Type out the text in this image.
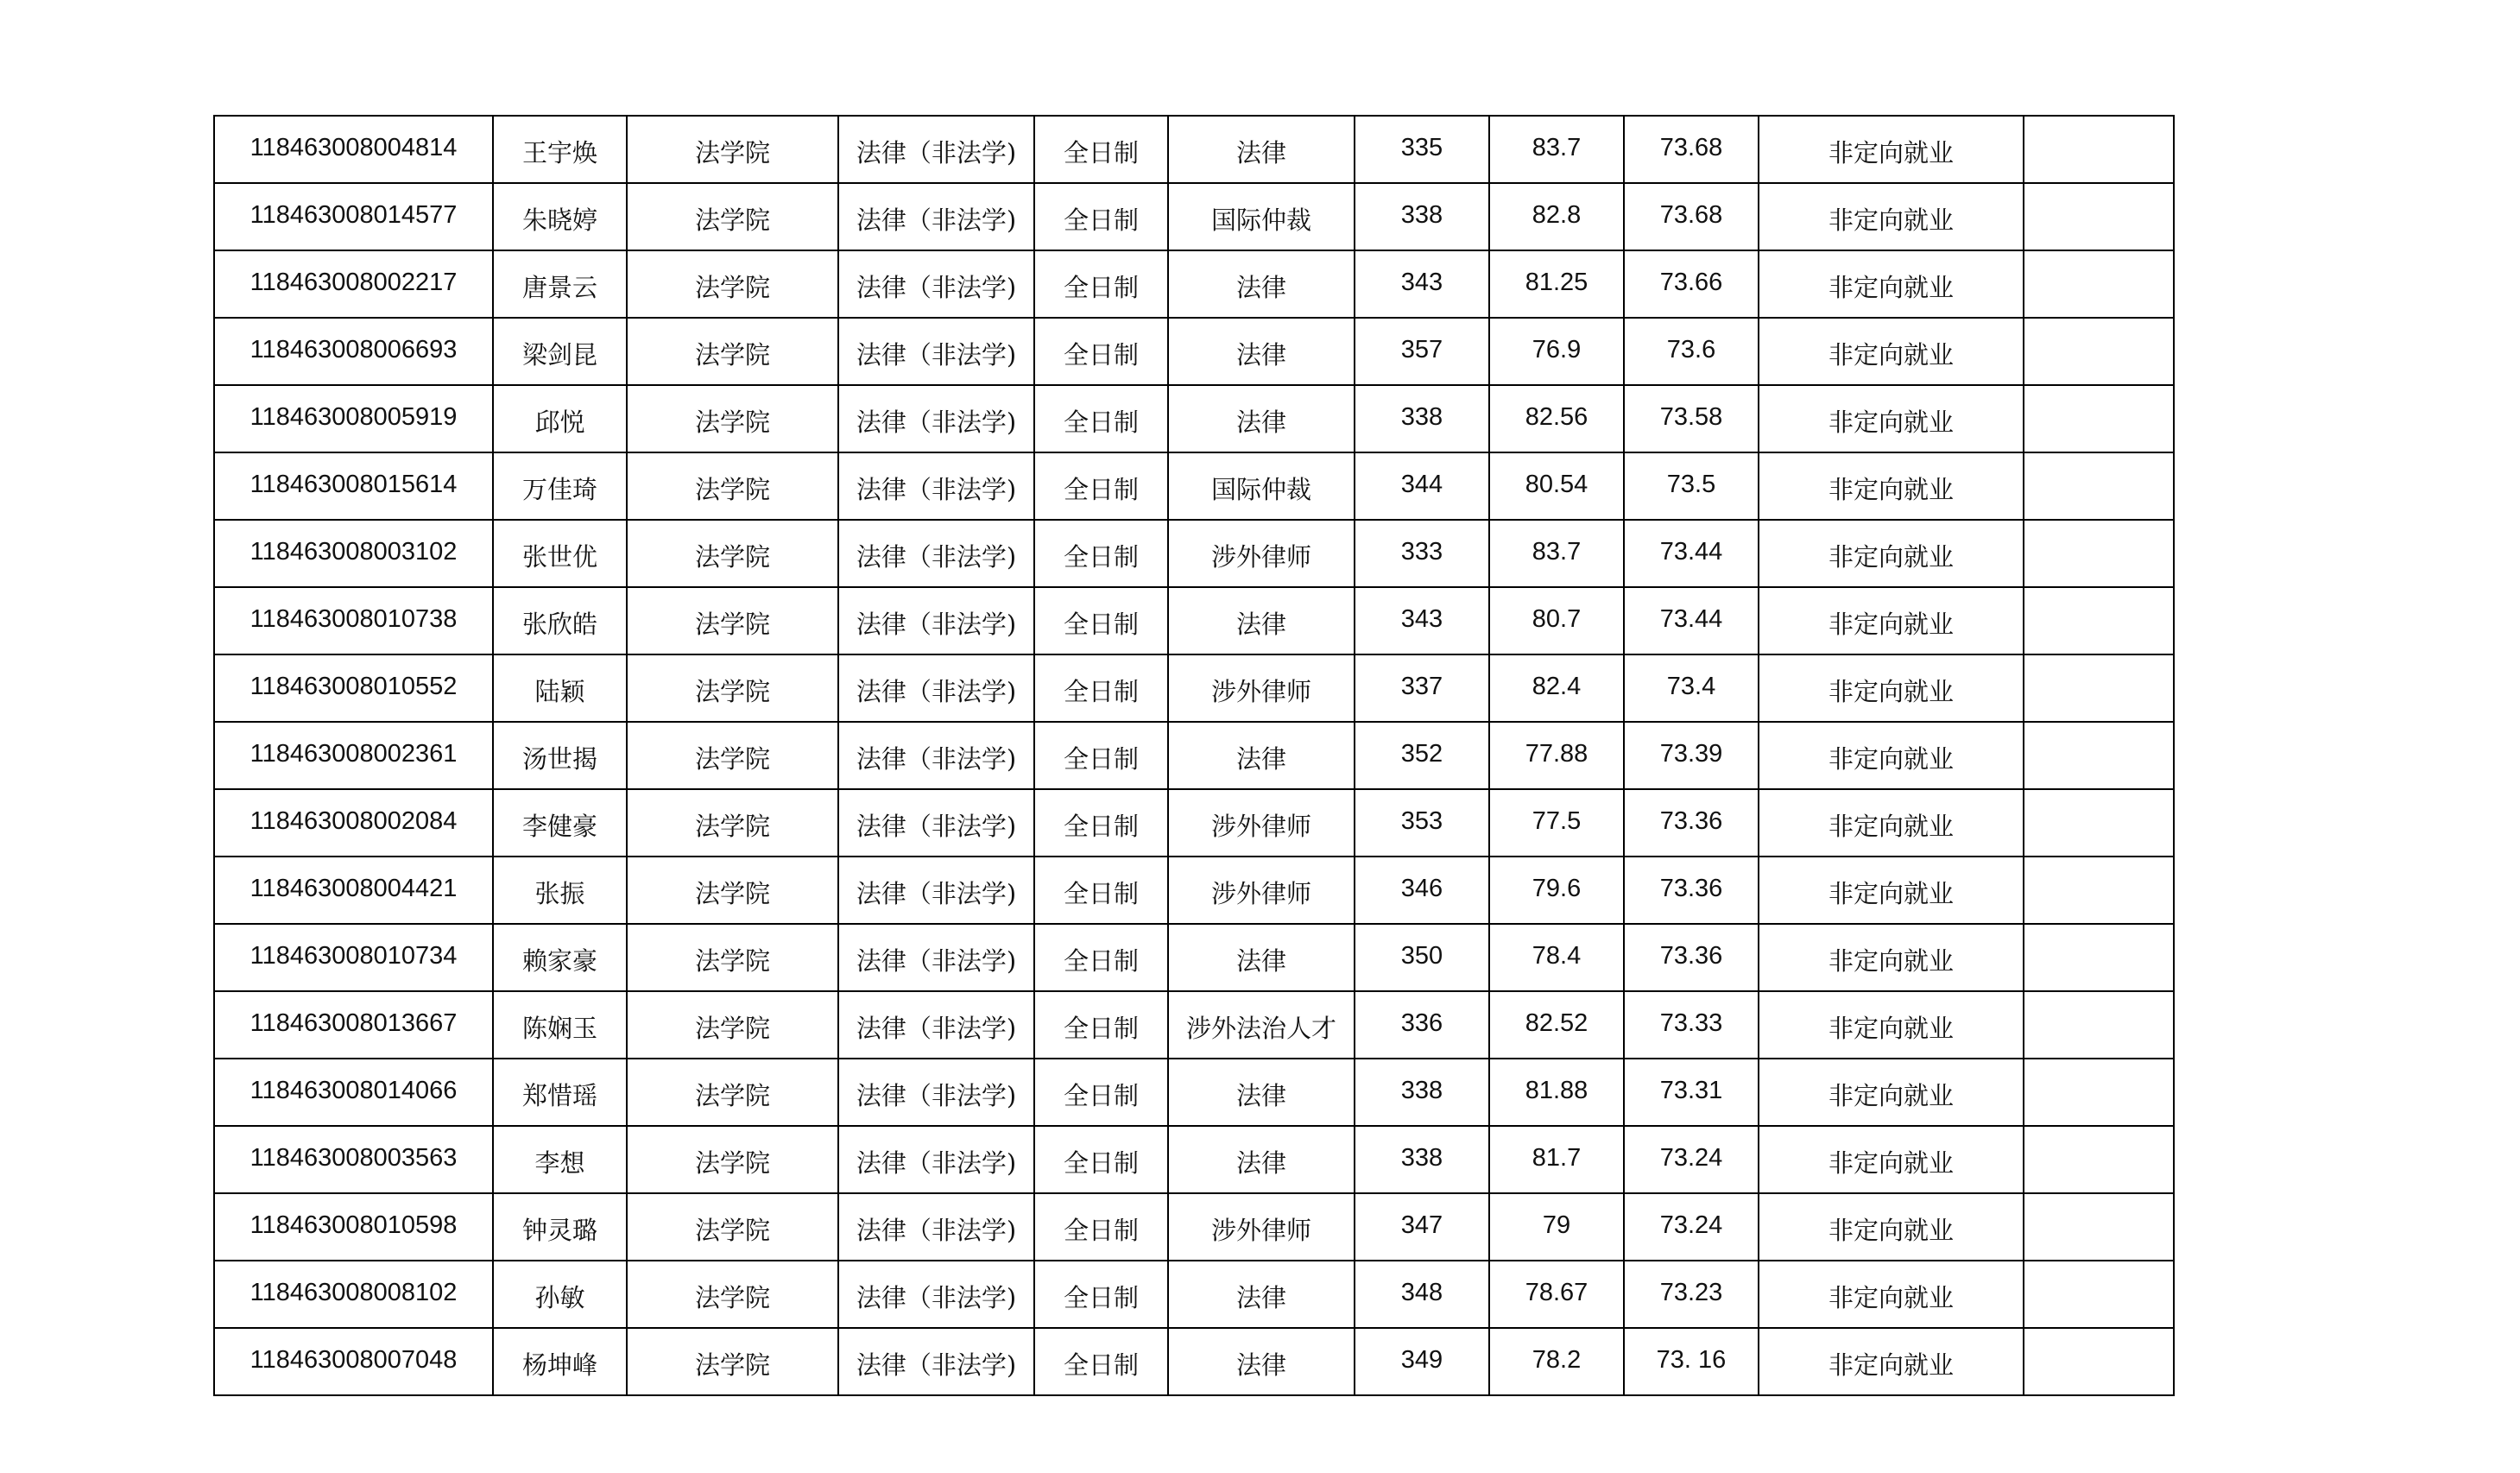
118463008004814	王宇焕	法学院	法律（非法学)	全日制	法律	335	83.7	73.68	非定向就业	
118463008014577	朱晓婷	法学院	法律（非法学)	全日制	国际仲裁	338	82.8	73.68	非定向就业	
118463008002217	唐景云	法学院	法律（非法学)	全日制	法律	343	81.25	73.66	非定向就业	
118463008006693	梁剑昆	法学院	法律（非法学)	全日制	法律	357	76.9	73.6	非定向就业	
118463008005919	邱悦	法学院	法律（非法学)	全日制	法律	338	82.56	73.58	非定向就业	
118463008015614	万佳琦	法学院	法律（非法学)	全日制	国际仲裁	344	80.54	73.5	非定向就业	
118463008003102	张世优	法学院	法律（非法学)	全日制	涉外律师	333	83.7	73.44	非定向就业	
118463008010738	张欣皓	法学院	法律（非法学)	全日制	法律	343	80.7	73.44	非定向就业	
118463008010552	陆颖	法学院	法律（非法学)	全日制	涉外律师	337	82.4	73.4	非定向就业	
118463008002361	汤世揭	法学院	法律（非法学)	全日制	法律	352	77.88	73.39	非定向就业	
118463008002084	李健豪	法学院	法律（非法学)	全日制	涉外律师	353	77.5	73.36	非定向就业	
118463008004421	张振	法学院	法律（非法学)	全日制	涉外律师	346	79.6	73.36	非定向就业	
118463008010734	赖家豪	法学院	法律（非法学)	全日制	法律	350	78.4	73.36	非定向就业	
118463008013667	陈娴玉	法学院	法律（非法学)	全日制	涉外法治人才	336	82.52	73.33	非定向就业	
118463008014066	郑惜瑶	法学院	法律（非法学)	全日制	法律	338	81.88	73.31	非定向就业	
118463008003563	李想	法学院	法律（非法学)	全日制	法律	338	81.7	73.24	非定向就业	
118463008010598	钟灵璐	法学院	法律（非法学)	全日制	涉外律师	347	79	73.24	非定向就业	
118463008008102	孙敏	法学院	法律（非法学)	全日制	法律	348	78.67	73.23	非定向就业	
118463008007048	杨坤峰	法学院	法律（非法学)	全日制	法律	349	78.2	73. 16	非定向就业	
